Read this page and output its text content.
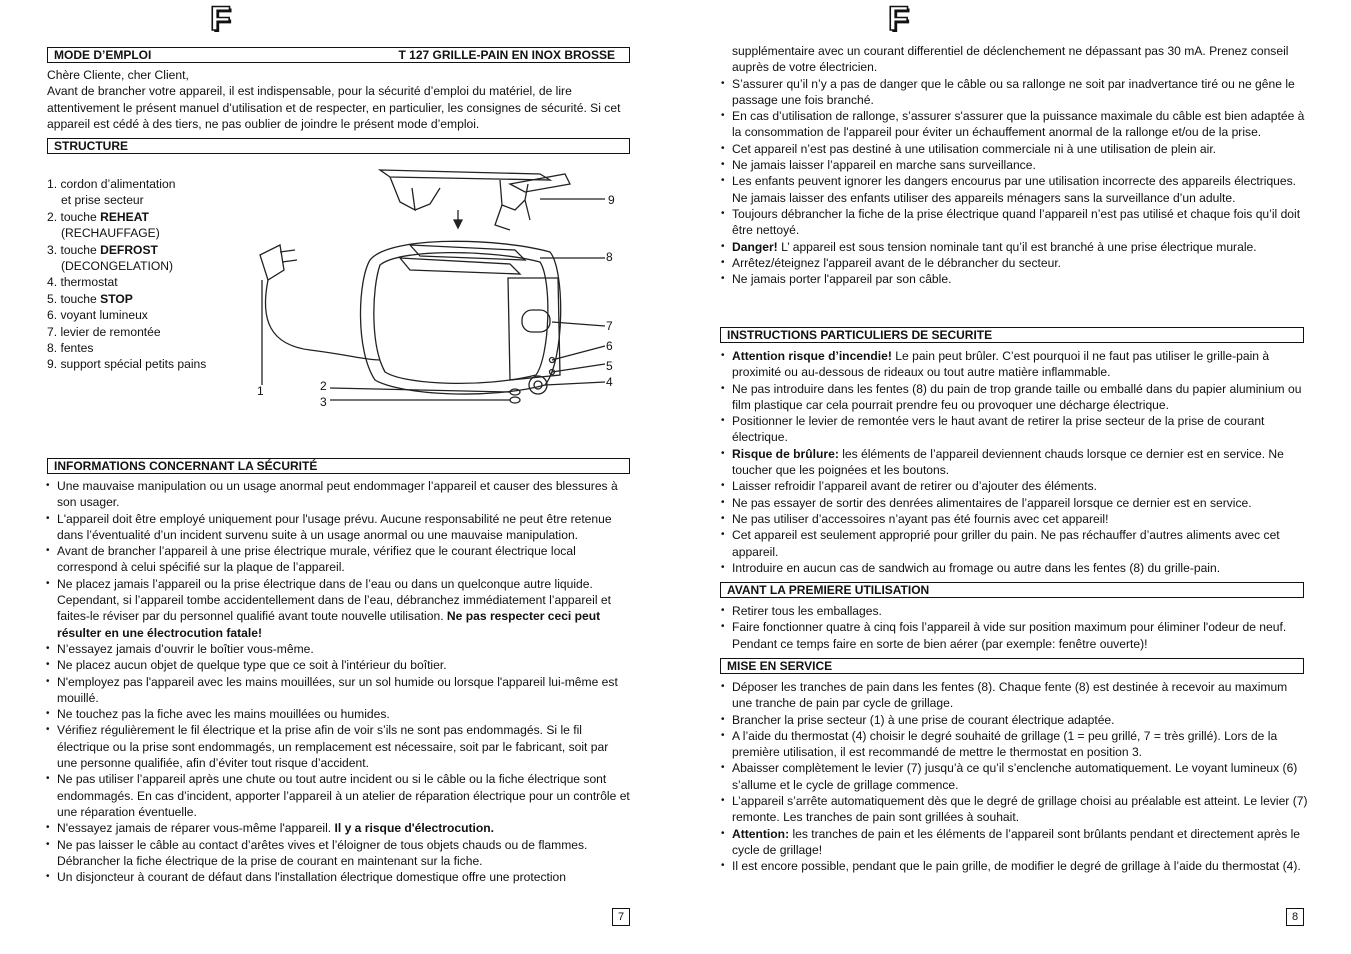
F
MODE D’EMPLOI	T 127 GRILLE-PAIN EN INOX BROSSE

Chère Cliente, cher Client,

Avant de brancher votre appareil, il est indispensable, pour la sécurité d’emploi du matériel, de lire attentivement le présent manuel d’utilisation et de respecter, en particulier, les consignes de sécurité. Si cet appareil est cédé à des tiers, ne pas oublier de joindre le présent mode d’emploi.

STRUCTURE
1. cordon d’alimentation
et prise secteur
2. touche REHEAT
(RECHAUFFAGE)
3. touche DEFROST
(DECONGELATION)
4. thermostat
5. touche STOP
6. voyant lumineux
7. levier de remontée
8. fentes
9. support spécial petits pains
1	2
3
4
5
6
7
8
9
INFORMATIONS CONCERNANT LA SÉCURITÉ
• Une mauvaise manipulation ou un usage anormal peut endommager l’appareil et causer des blessures à son usager.
• L'appareil doit être employé uniquement pour l'usage prévu. Aucune responsabilité ne peut être retenue dans l’éventualité d’un incident survenu suite à un usage anormal ou une mauvaise manipulation.
• Avant de brancher l’appareil à une prise électrique murale, vérifiez que le courant électrique local correspond à celui spécifié sur la plaque de l’appareil.
• Ne placez jamais l’appareil ou la prise électrique dans de l’eau ou dans un quelconque autre liquide. Cependant, si l’appareil tombe accidentellement dans de l’eau, débranchez immédiatement l’appareil et faites-le réviser par du personnel qualifié avant toute nouvelle utilisation. Ne pas respecter ceci peut résulter en une électrocution fatale!
• N’essayez jamais d’ouvrir le boîtier vous-même.
• Ne placez aucun objet de quelque type que ce soit à l'intérieur du boîtier.
• N'employez pas l'appareil avec les mains mouillées, sur un sol humide ou lorsque l'appareil lui-même est mouillé.
• Ne touchez pas la fiche avec les mains mouillées ou humides.
• Vérifiez régulièrement le fil électrique et la prise afin de voir s’ils ne sont pas endommagés. Si le fil électrique ou la prise sont endommagés, un remplacement est nécessaire, soit par le fabricant, soit par une personne qualifiée, afin d’éviter tout risque d’accident.
• Ne pas utiliser l’appareil après une chute ou tout autre incident ou si le câble ou la fiche électrique sont endommagés. En cas d’incident, apporter l’appareil à un atelier de réparation électrique pour un contrôle et une réparation éventuelle.
• N'essayez jamais de réparer vous-même l'appareil. Il y a risque d'électrocution.
• Ne pas laisser le câble au contact d’arêtes vives et l’éloigner de tous objets chauds ou de flammes. Débrancher la fiche électrique de la prise de courant en maintenant sur la fiche.
• Un disjoncteur à courant de défaut dans l'installation électrique domestique offre une protection
7
F

supplémentaire avec un courant differentiel de déclenchement ne dépassant pas 30 mA. Prenez conseil auprès de votre électricien.

• S’assurer qu’il n’y a pas de danger que le câble ou sa rallonge ne soit par inadvertance tiré ou ne gêne le passage une fois branché.
• En cas d’utilisation de rallonge, s’assurer s'assurer que la puissance maximale du câble est bien adaptée à la consommation de l'appareil pour éviter un échauffement anormal de la rallonge et/ou de la prise.
• Cet appareil n’est pas destiné à une utilisation commerciale ni à une utilisation de plein air.
• Ne jamais laisser l’appareil en marche sans surveillance.
• Les enfants peuvent ignorer les dangers encourus par une utilisation incorrecte des appareils électriques. Ne jamais laisser des enfants utiliser des appareils ménagers sans la surveillance d’un adulte.
• Toujours débrancher la fiche de la prise électrique quand l’appareil n’est pas utilisé et chaque fois qu’il doit être nettoyé.
• Danger! L’ appareil est sous tension nominale tant qu’il est branché à une prise électrique murale.
• Arrêtez/éteignez l'appareil avant de le débrancher du secteur.
• Ne jamais porter l'appareil par son câble.
INSTRUCTIONS PARTICULIERS DE SECURITE
• Attention risque d’incendie! Le pain peut brûler. C’est pourquoi il ne faut pas utiliser le grille-pain à proximité ou au-dessous de rideaux ou tout autre matière inflammable.
• Ne pas introduire dans les fentes (8) du pain de trop grande taille ou emballé dans du papier aluminium ou film plastique car cela pourrait prendre feu ou provoquer une décharge électrique.
• Positionner le levier de remontée vers le haut avant de retirer la prise secteur de la prise de courant électrique.
• Risque de brûlure: les éléments de l’appareil deviennent chauds lorsque ce dernier est en service. Ne toucher que les poignées et les boutons.
• Laisser refroidir l’appareil avant de retirer ou d’ajouter des éléments.
• Ne pas essayer de sortir des denrées alimentaires de l’appareil lorsque ce dernier est en service.
• Ne pas utiliser d’accessoires n’ayant pas été fournis avec cet appareil!
• Cet appareil est seulement approprié pour griller du pain. Ne pas réchauffer d’autres aliments avec cet appareil.
• Introduire en aucun cas de sandwich au fromage ou autre dans les fentes (8) du grille-pain.
AVANT LA PREMIERE UTILISATION
• Retirer tous les emballages.
• Faire fonctionner quatre à cinq fois l’appareil à vide sur position maximum pour éliminer l'odeur de neuf. Pendant ce temps faire en sorte de bien aérer (par exemple: fenêtre ouverte)!
MISE EN SERVICE
• Déposer les tranches de pain dans les fentes (8). Chaque fente (8) est destinée à recevoir au maximum une tranche de pain par cycle de grillage.
• Brancher la prise secteur (1) à une prise de courant électrique adaptée.
• A l’aide du thermostat (4) choisir le degré souhaité de grillage (1 = peu grillé, 7 = très grillé). Lors de la première utilisation, il est recommandé de mettre le thermostat en position 3.
• Abaisser complètement le levier (7) jusqu’à ce qu’il s’enclenche automatiquement. Le voyant lumineux (6) s’allume et le cycle de grillage commence.
• L’appareil s’arrête automatiquement dès que le degré de grillage choisi au préalable est atteint. Le levier (7) remonte. Les tranches de pain sont grillées à souhait.
• Attention: les tranches de pain et les éléments de l’appareil sont brûlants pendant et directement après le cycle de grillage!
• Il est encore possible, pendant que le pain grille, de modifier le degré de grillage à l’aide du thermostat (4).
8
